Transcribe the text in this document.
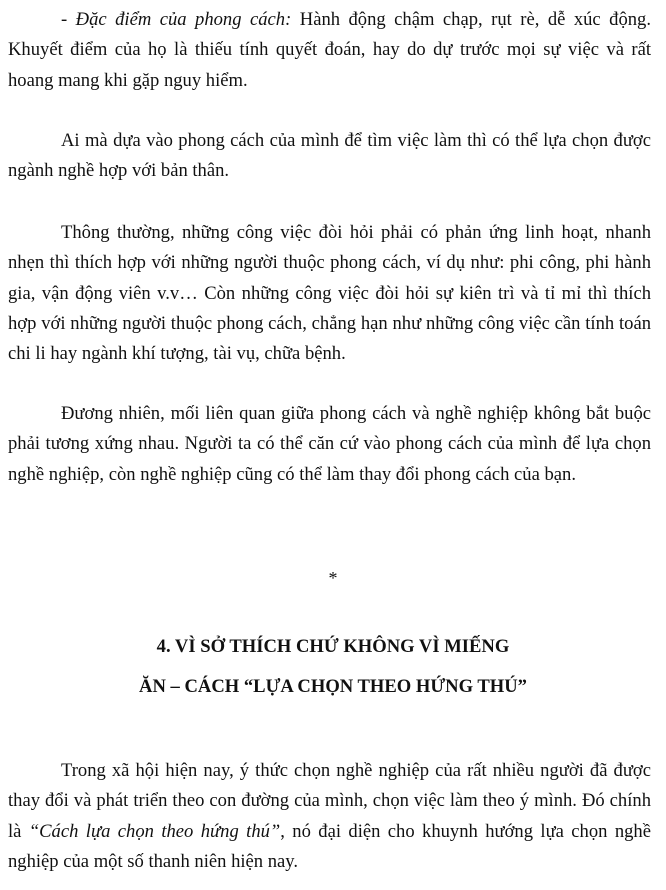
- Đặc điểm của phong cách: Hành động chậm chạp, rụt rè, dễ xúc động. Khuyết điểm của họ là thiếu tính quyết đoán, hay do dự trước mọi sự việc và rất hoang mang khi gặp nguy hiểm.

Ai mà dựa vào phong cách của mình để tìm việc làm thì có thể lựa chọn được ngành nghề hợp với bản thân.

Thông thường, những công việc đòi hỏi phải có phản ứng linh hoạt, nhanh nhẹn thì thích hợp với những người thuộc phong cách, ví dụ như: phi công, phi hành gia, vận động viên v.v… Còn những công việc đòi hỏi sự kiên trì và tỉ mỉ thì thích hợp với những người thuộc phong cách, chẳng hạn như những công việc cần tính toán chi li hay ngành khí tượng, tài vụ, chữa bệnh.

Đương nhiên, mối liên quan giữa phong cách và nghề nghiệp không bắt buộc phải tương xứng nhau. Người ta có thể căn cứ vào phong cách của mình để lựa chọn nghề nghiệp, còn nghề nghiệp cũng có thể làm thay đổi phong cách của bạn.

*

4. VÌ SỞ THÍCH CHỨ KHÔNG VÌ MIẾNG

ĂN – CÁCH “LỰA CHỌN THEO HỨNG THÚ”

Trong xã hội hiện nay, ý thức chọn nghề nghiệp của rất nhiều người đã được thay đổi và phát triển theo con đường của mình, chọn việc làm theo ý mình. Đó chính là “Cách lựa chọn theo hứng thú”, nó đại diện cho khuynh hướng lựa chọn nghề nghiệp của một số thanh niên hiện nay.
